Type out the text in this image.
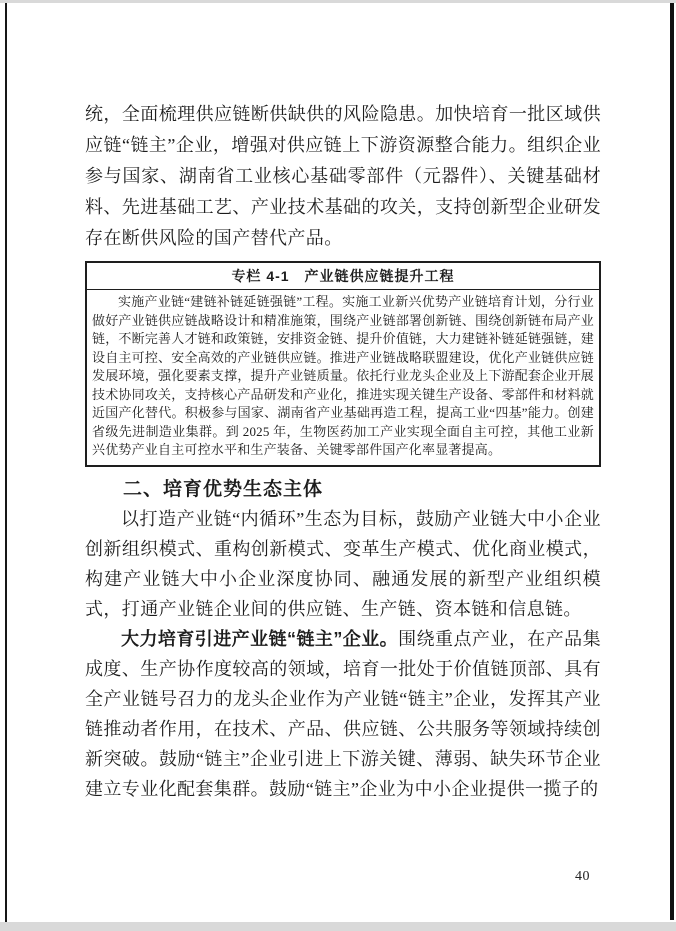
统，全面梳理供应链断供缺供的风险隐患。加快培育一批区域供应链“链主”企业，增强对供应链上下游资源整合能力。组织企业参与国家、湖南省工业核心基础零部件（元器件）、关键基础材料、先进基础工艺、产业技术基础的攻关，支持创新型企业研发存在断供风险的国产替代产品。

专栏 4-1　产业链供应链提升工程

实施产业链“建链补链延链强链”工程。实施工业新兴优势产业链培育计划，分行业做好产业链供应链战略设计和精准施策，围绕产业链部署创新链、围绕创新链布局产业链，不断完善人才链和政策链，安排资金链、提升价值链，大力建链补链延链强链，建设自主可控、安全高效的产业链供应链。推进产业链战略联盟建设，优化产业链供应链发展环境，强化要素支撑，提升产业链质量。依托行业龙头企业及上下游配套企业开展技术协同攻关，支持核心产品研发和产业化，推进实现关键生产设备、零部件和材料就近国产化替代。积极参与国家、湖南省产业基础再造工程，提高工业“四基”能力。创建省级先进制造业集群。到 2025 年，生物医药加工产业实现全面自主可控，其他工业新兴优势产业自主可控水平和生产装备、关键零部件国产化率显著提高。

二、培育优势生态主体

以打造产业链“内循环”生态为目标，鼓励产业链大中小企业创新组织模式、重构创新模式、变革生产模式、优化商业模式，构建产业链大中小企业深度协同、融通发展的新型产业组织模式，打通产业链企业间的供应链、生产链、资本链和信息链。

大力培育引进产业链“链主”企业。围绕重点产业，在产品集成度、生产协作度较高的领域，培育一批处于价值链顶部、具有全产业链号召力的龙头企业作为产业链“链主”企业，发挥其产业链推动者作用，在技术、产品、供应链、公共服务等领域持续创新突破。鼓励“链主”企业引进上下游关键、薄弱、缺失环节企业建立专业化配套集群。鼓励“链主”企业为中小企业提供一揽子的

40
